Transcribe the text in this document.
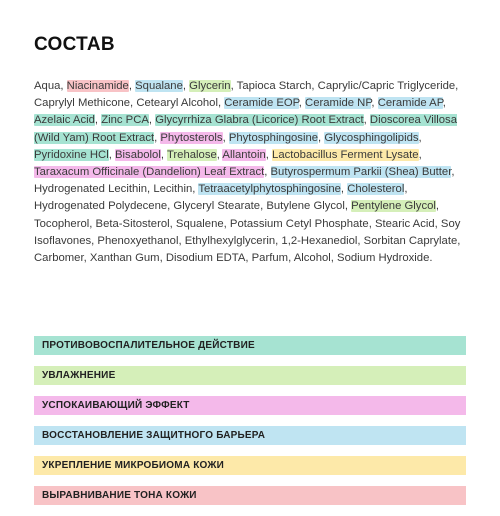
СОСТАВ
Aqua, Niacinamide, Squalane, Glycerin, Tapioca Starch, Caprylic/Capric Triglyceride, Caprylyl Methicone, Cetearyl Alcohol, Ceramide EOP, Ceramide NP, Ceramide AP, Azelaic Acid, Zinc PCA, Glycyrrhiza Glabra (Licorice) Root Extract, Dioscorea Villosa (Wild Yam) Root Extract, Phytosterols, Phytosphingosine, Glycosphingolipids, Pyridoxine HCl, Bisabolol, Trehalose, Allantoin, Lactobacillus Ferment Lysate, Taraxacum Officinale (Dandelion) Leaf Extract, Butyrospermum Parkii (Shea) Butter, Hydrogenated Lecithin, Lecithin, Tetraacetylphytosphingosine, Cholesterol, Hydrogenated Polydecene, Glyceryl Stearate, Butylene Glycol, Pentylene Glycol, Tocopherol, Beta-Sitosterol, Squalene, Potassium Cetyl Phosphate, Stearic Acid, Soy Isoflavones, Phenoxyethanol, Ethylhexylglycerin, 1,2-Hexanediol, Sorbitan Caprylate, Carbomer, Xanthan Gum, Disodium EDTA, Parfum, Alcohol, Sodium Hydroxide.
ПРОТИВОВОСПАЛИТЕЛЬНОЕ ДЕЙСТВИЕ
УВЛАЖНЕНИЕ
УСПОКАИВАЮЩИЙ ЭФФЕКТ
ВОССТАНОВЛЕНИЕ ЗАЩИТНОГО БАРЬЕРА
УКРЕПЛЕНИЕ МИКРОБИОМА КОЖИ
ВЫРАВНИВАНИЕ ТОНА КОЖИ
